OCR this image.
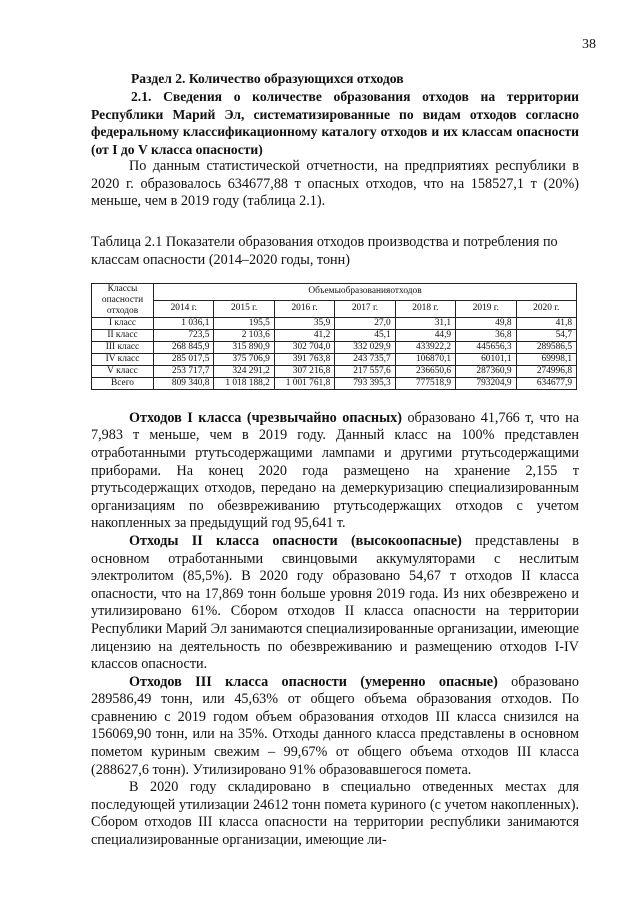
38

Раздел 2. Количество образующихся отходов

2.1. Сведения о количестве образования отходов на территории Республики Марий Эл, систематизированные по видам отходов согласно федеральному классификационному каталогу отходов и их классам опасности (от I до V класса опасности)

По данным статистической отчетности, на предприятиях республики в 2020 г. образовалось 634677,88 т опасных отходов, что на 158527,1 т (20%) меньше, чем в 2019 году (таблица 2.1).

Таблица 2.1 Показатели образования отходов производства и потребления по классам опасности (2014–2020 годы, тонн)

Классы опасности отходов	Объемыобразованияотходов						
	2014 г.	2015 г.	2016 г.	2017 г.	2018 г.	2019 г.	2020 г.
I класс	1 036,1	195,5	35,9	27,0	31,1	49,8	41,8
II класс	723,5	2 103,6	41,2	45,1	44,9	36,8	54,7
III класс	268 845,9	315 890,9	302 704,0	332 029,9	433922,2	445656,3	289586,5
IV класс	285 017,5	375 706,9	391 763,8	243 735,7	106870,1	60101,1	69998,1
V класс	253 717,7	324 291,2	307 216,8	217 557,6	236650,6	287360,9	274996,8
Всего	809 340,8	1 018 188,2	1 001 761,8	793 395,3	777518,9	793204,9	634677,9

Отходов I класса (чрезвычайно опасных) образовано 41,766 т, что на 7,983 т меньше, чем в 2019 году. Данный класс на 100% представлен отработанными ртутьсодержащими лампами и другими ртутьсодержащими приборами. На конец 2020 года размещено на хранение 2,155 т ртутьсодержащих отходов, передано на демеркуризацию специализированным организациям по обезвреживанию ртутьсодержащих отходов с учетом накопленных за предыдущий год 95,641 т.

Отходы II класса опасности (высокоопасные) представлены в основном отработанными свинцовыми аккумуляторами с неслитым электролитом (85,5%). В 2020 году образовано 54,67 т отходов II класса опасности, что на 17,869 тонн больше уровня 2019 года. Из них обезврежено и утилизировано 61%. Сбором отходов II класса опасности на территории Республики Марий Эл занимаются специализированные организации, имеющие лицензию на деятельность по обезвреживанию и размещению отходов I-IV классов опасности.

Отходов III класса опасности (умеренно опасные) образовано 289586,49 тонн, или 45,63% от общего объема образования отходов. По сравнению с 2019 годом объем образования отходов III класса снизился на 156069,90 тонн, или на 35%. Отходы данного класса представлены в основном пометом куриным свежим – 99,67% от общего объема отходов III класса (288627,6 тонн). Утилизировано 91% образовавшегося помета.

В 2020 году складировано в специально отведенных местах для последующей утилизации 24612 тонн помета куриного (с учетом накопленных). Сбором отходов III класса опасности на территории республики занимаются специализированные организации, имеющие ли-
